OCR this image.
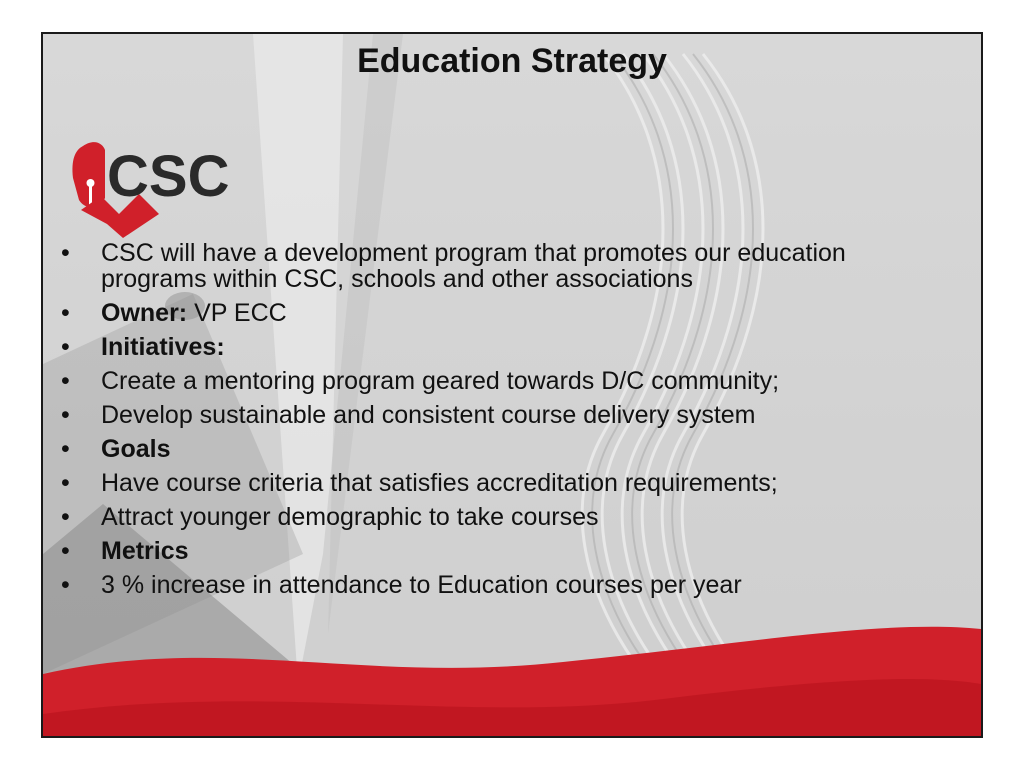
Education Strategy
CSC
• CSC will have a development program that promotes our education programs within CSC, schools and other associations
• Owner: VP ECC
• Initiatives:
• Create a mentoring program geared towards D/C community;
• Develop sustainable and consistent course delivery system
• Goals
• Have course criteria that satisfies accreditation requirements;
• Attract younger demographic to take courses
• Metrics
• 3 % increase in attendance to Education courses per year
